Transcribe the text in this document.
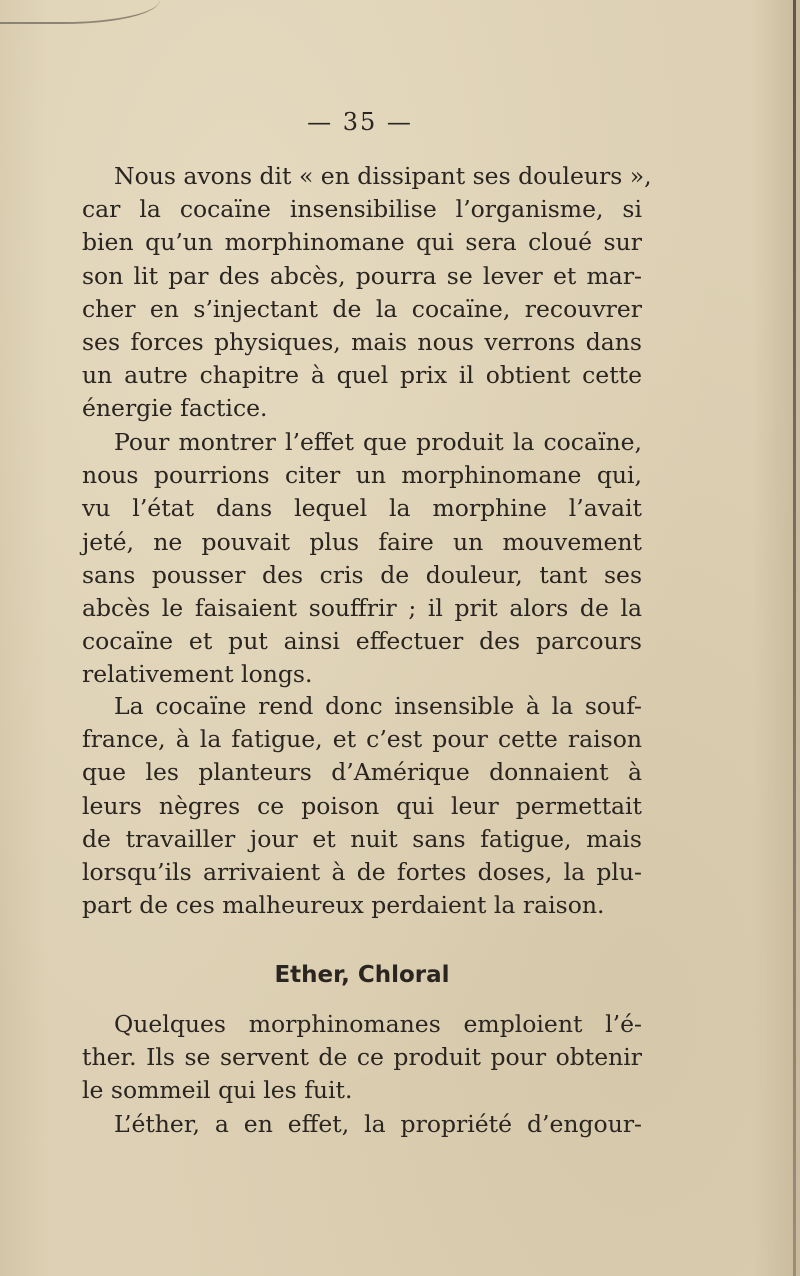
— 35 —

Nous avons dit « en dissipant ses douleurs »,
car la cocaïne insensibilise l’organisme, si
bien qu’un morphinomane qui sera cloué sur
son lit par des abcès, pourra se lever et mar-
cher en s’injectant de la cocaïne, recouvrer
ses forces physiques, mais nous verrons dans
un autre chapitre à quel prix il obtient cette
énergie factice.

Pour montrer l’effet que produit la cocaïne,
nous pourrions citer un morphinomane qui,
vu l’état dans lequel la morphine l’avait
jeté, ne pouvait plus faire un mouvement
sans pousser des cris de douleur, tant ses
abcès le faisaient souffrir ; il prit alors de la
cocaïne et put ainsi effectuer des parcours
relativement longs.

La cocaïne rend donc insensible à la souf-
france, à la fatigue, et c’est pour cette raison
que les planteurs d’Amérique donnaient à
leurs nègres ce poison qui leur permettait
de travailler jour et nuit sans fatigue, mais
lorsqu’ils arrivaient à de fortes doses, la plu-
part de ces malheureux perdaient la raison.

Ether, Chloral

Quelques morphinomanes emploient l’é-
ther. Ils se servent de ce produit pour obtenir
le sommeil qui les fuit.

L’éther, a en effet, la propriété d’engour-
